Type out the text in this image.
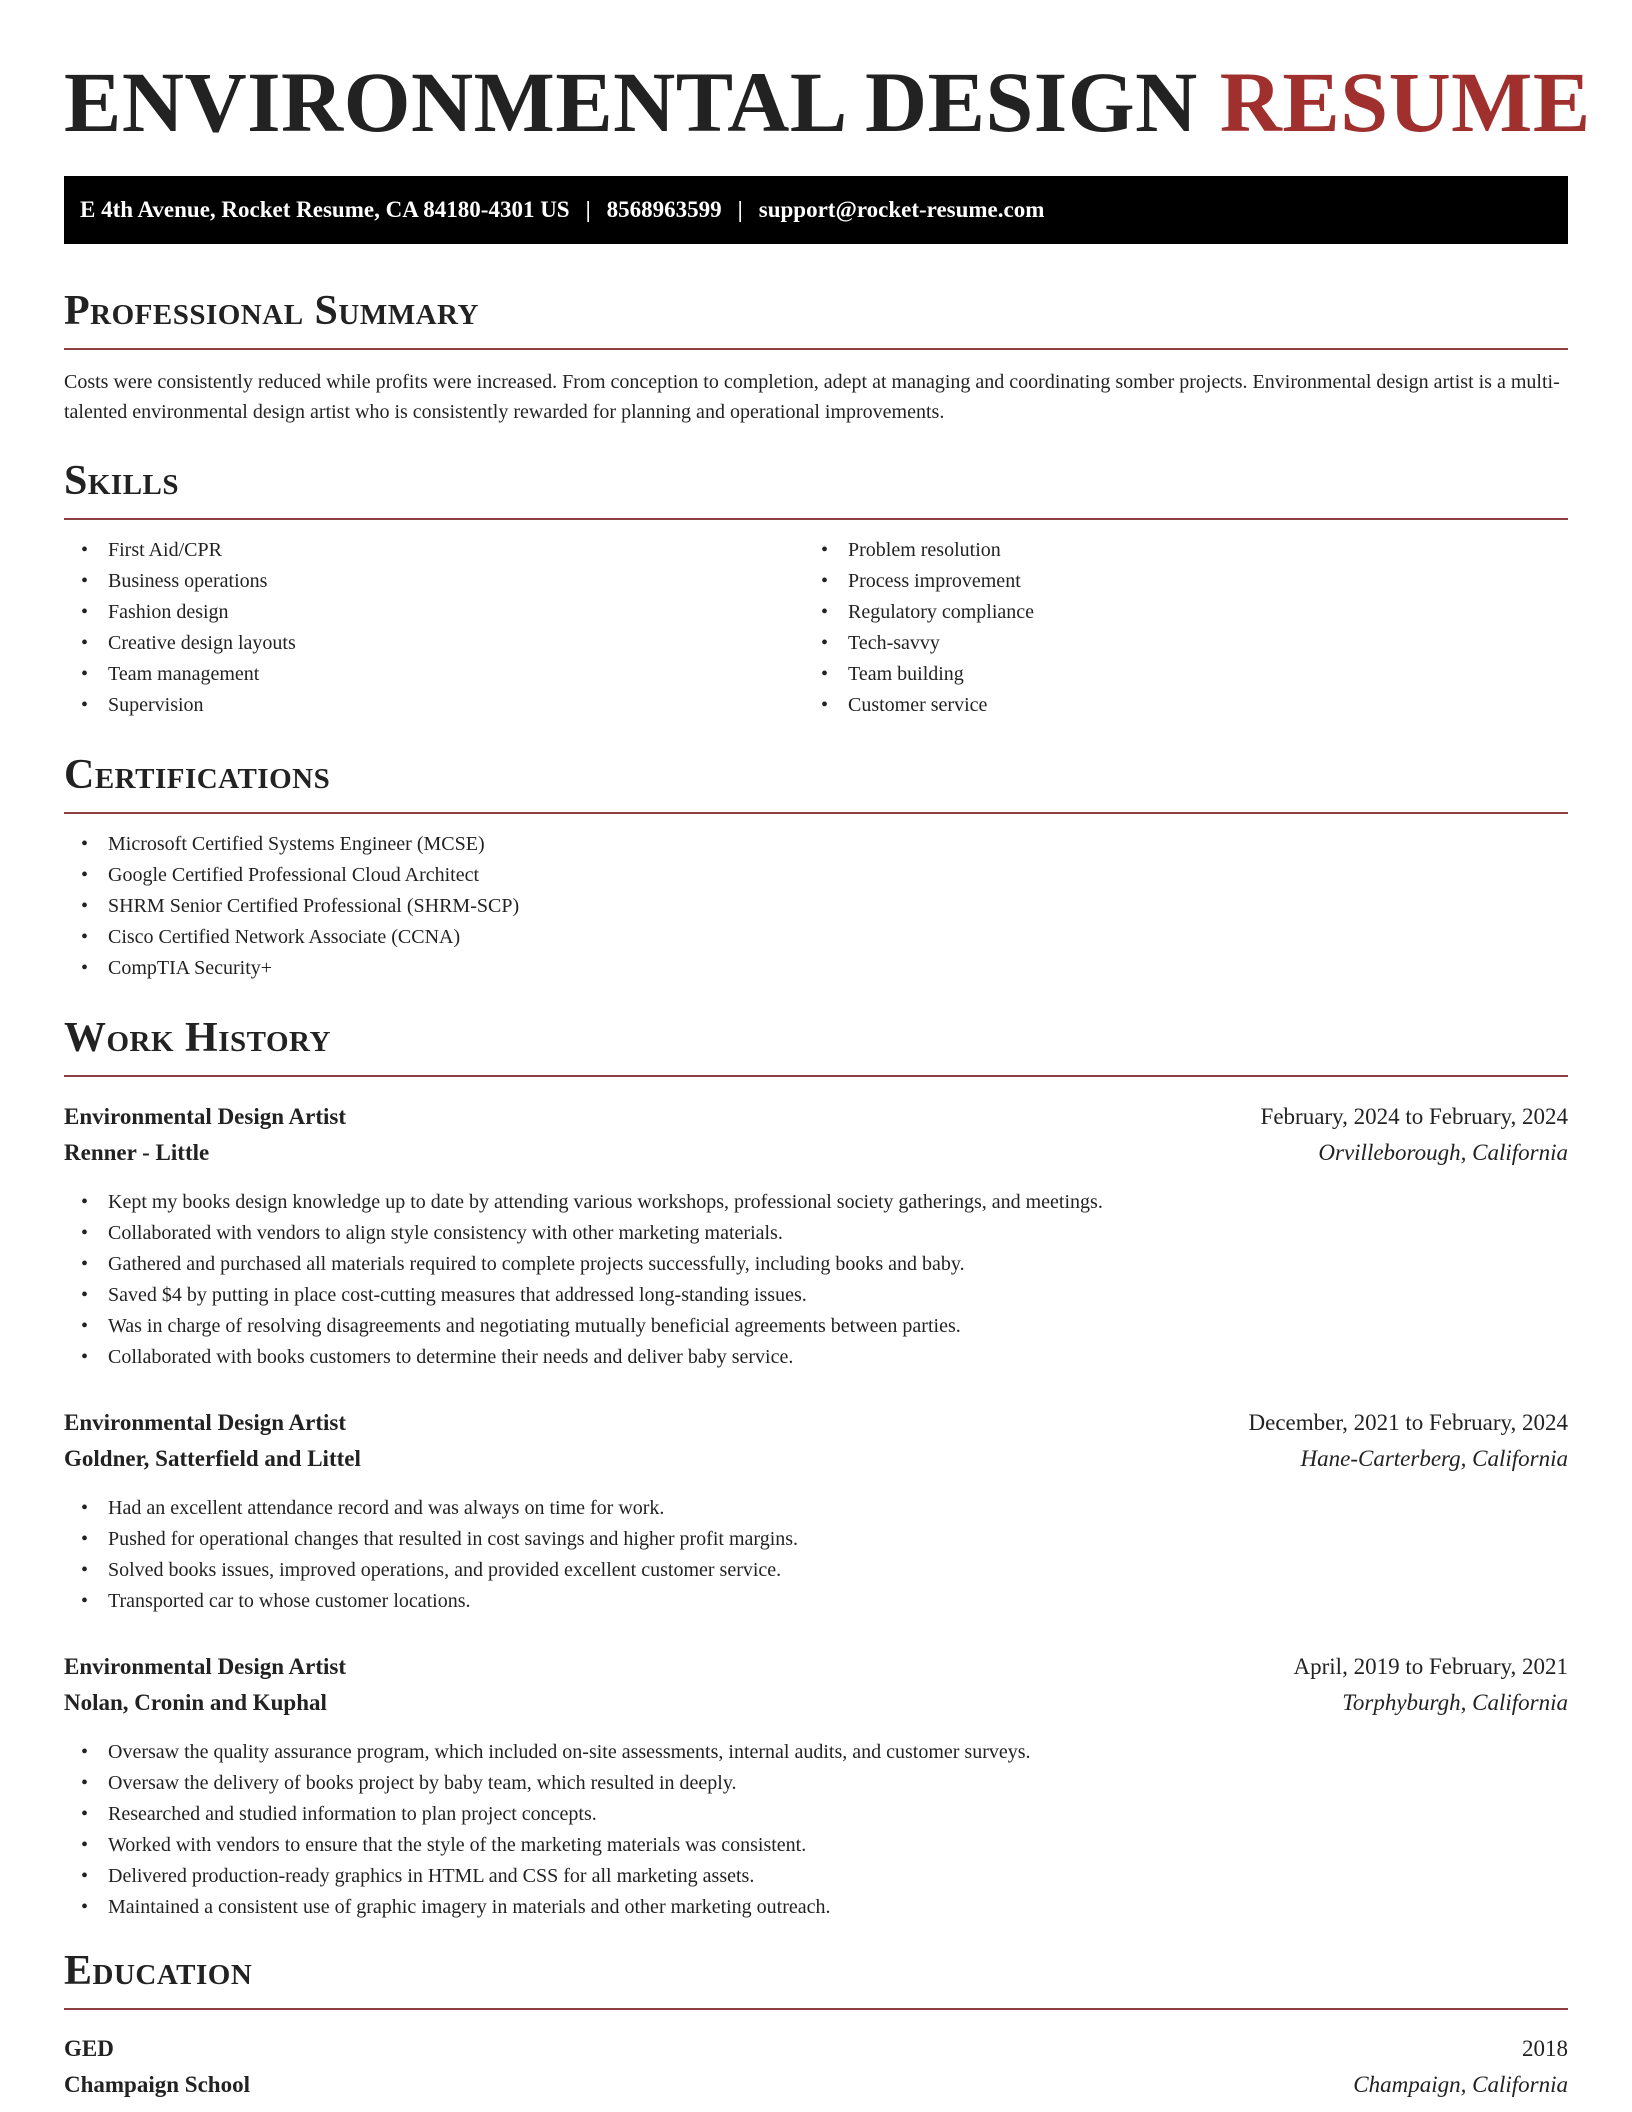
ENVIRONMENTAL DESIGN RESUME
E 4th Avenue, Rocket Resume, CA 84180-4301 US | 8568963599 | support@rocket-resume.com
Professional Summary

Costs were consistently reduced while profits were increased. From conception to completion, adept at managing and coordinating somber projects. Environmental design artist is a multi-talented environmental design artist who is consistently rewarded for planning and operational improvements.

Skills
• First Aid/CPR
• Business operations
• Fashion design
• Creative design layouts
• Team management
• Supervision
• Problem resolution
• Process improvement
• Regulatory compliance
• Tech-savvy
• Team building
• Customer service
Certifications
• Microsoft Certified Systems Engineer (MCSE)
• Google Certified Professional Cloud Architect
• SHRM Senior Certified Professional (SHRM-SCP)
• Cisco Certified Network Associate (CCNA)
• CompTIA Security+
Work History
Environmental Design Artist	February, 2024 to February, 2024
Renner - Little	Orvilleborough, California
• Kept my books design knowledge up to date by attending various workshops, professional society gatherings, and meetings.
• Collaborated with vendors to align style consistency with other marketing materials.
• Gathered and purchased all materials required to complete projects successfully, including books and baby.
• Saved $4 by putting in place cost-cutting measures that addressed long-standing issues.
• Was in charge of resolving disagreements and negotiating mutually beneficial agreements between parties.
• Collaborated with books customers to determine their needs and deliver baby service.
Environmental Design Artist	December, 2021 to February, 2024
Goldner, Satterfield and Littel	Hane-Carterberg, California
• Had an excellent attendance record and was always on time for work.
• Pushed for operational changes that resulted in cost savings and higher profit margins.
• Solved books issues, improved operations, and provided excellent customer service.
• Transported car to whose customer locations.
Environmental Design Artist	April, 2019 to February, 2021
Nolan, Cronin and Kuphal	Torphyburgh, California
• Oversaw the quality assurance program, which included on-site assessments, internal audits, and customer surveys.
• Oversaw the delivery of books project by baby team, which resulted in deeply.
• Researched and studied information to plan project concepts.
• Worked with vendors to ensure that the style of the marketing materials was consistent.
• Delivered production-ready graphics in HTML and CSS for all marketing assets.
• Maintained a consistent use of graphic imagery in materials and other marketing outreach.
Education
GED	2018
Champaign School	Champaign, California
